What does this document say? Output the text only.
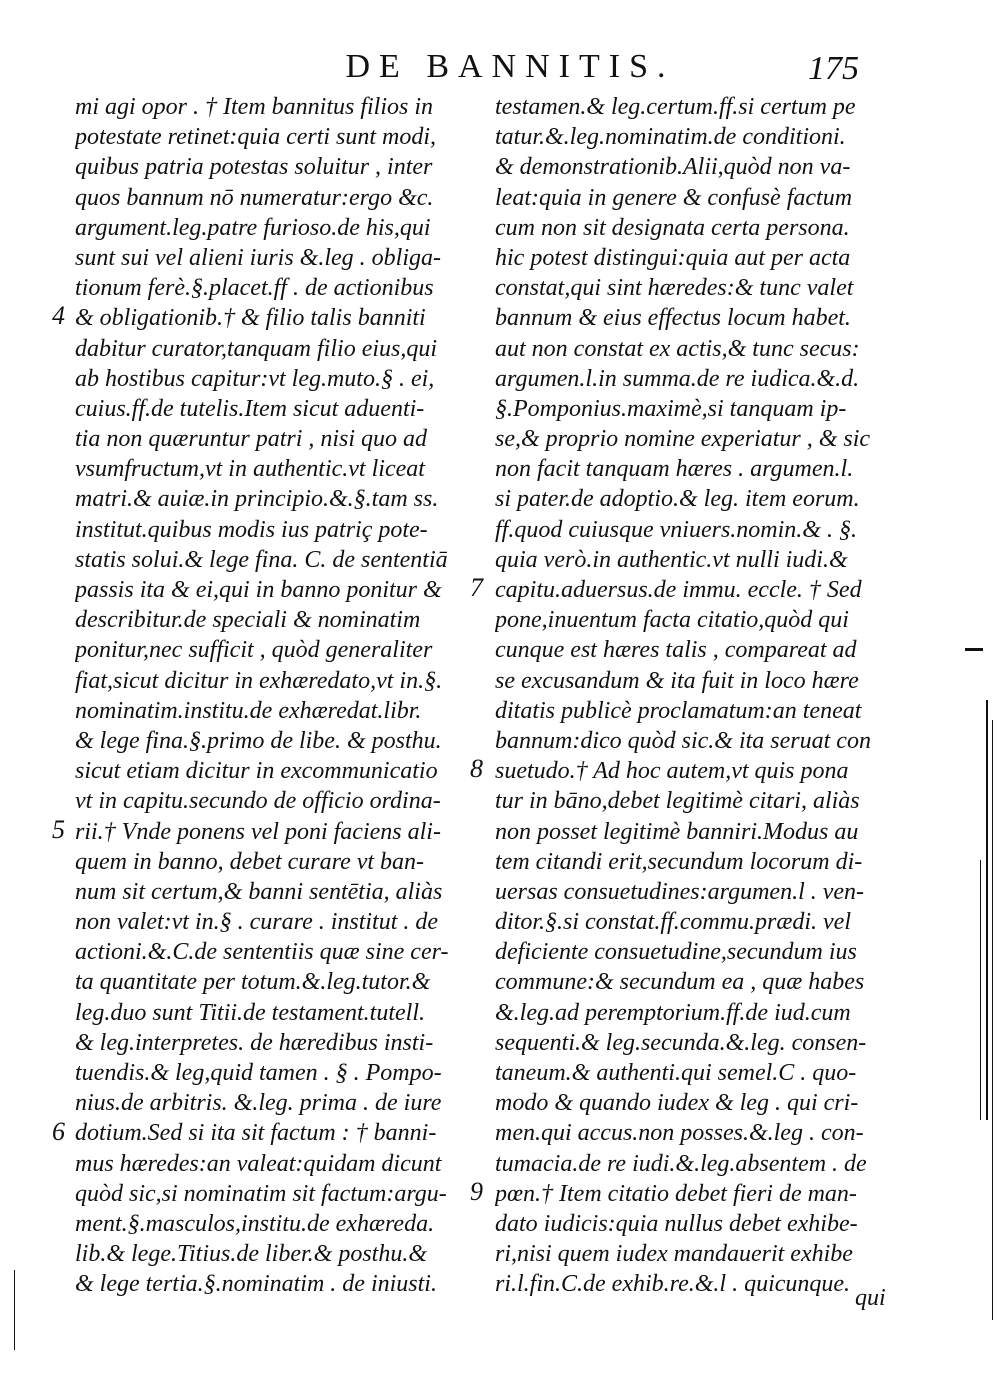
DE BANNITIS.	175
mi agi opor . † Item bannitus filios in
potestate retinet:quia certi sunt modi,
quibus patria potestas soluitur , inter
quos bannum nō numeratur:ergo &c.
argument.leg.patre furioso.de his,qui
sunt sui vel alieni iuris &.leg . obliga-
tionum ferè.§.placet.ff . de actionibus
& obligationib.† & filio talis banniti
dabitur curator,tanquam filio eius,qui
ab hostibus capitur:vt leg.muto.§ . ei,
cuius.ff.de tutelis.Item sicut aduenti-
tia non quæruntur patri , nisi quo ad
vsumfructum,vt in authentic.vt liceat
matri.& auiæ.in principio.&.§.tam ss.
institut.quibus modis ius patriç pote-
statis solui.& lege fina. C. de sententiā
passis ita & ei,qui in banno ponitur &
describitur.de speciali & nominatim
ponitur,nec sufficit , quòd generaliter
fiat,sicut dicitur in exhæredato,vt in.§.
nominatim.institu.de exhæredat.libr.
& lege fina.§.primo de libe. & posthu.
sicut etiam dicitur in excommunicatio
vt in capitu.secundo de officio ordina-
rii.† Vnde ponens vel poni faciens ali-
quem in banno, debet curare vt ban-
num sit certum,& banni sentētia, aliàs
non valet:vt in.§ . curare . institut . de
actioni.&.C.de sententiis quæ sine cer-
ta quantitate per totum.&.leg.tutor.&
leg.duo sunt Titii.de testament.tutell.
& leg.interpretes. de hæredibus insti-
tuendis.& leg,quid tamen . § . Pompo-
nius.de arbitris. &.leg. prima . de iure
dotium.Sed si ita sit factum : † banni-
mus hæredes:an valeat:quidam dicunt
quòd sic,si nominatim sit factum:argu-
ment.§.masculos,institu.de exhæreda.
lib.& lege.Titius.de liber.& posthu.&
& lege tertia.§.nominatim . de iniusti.
testamen.& leg.certum.ff.si certum pe
tatur.&.leg.nominatim.de conditioni.
& demonstrationib.Alii,quòd non va-
leat:quia in genere & confusè factum
cum non sit designata certa persona.
hic potest distingui:quia aut per acta
constat,qui sint hæredes:& tunc valet
bannum & eius effectus locum habet.
aut non constat ex actis,& tunc secus:
argumen.l.in summa.de re iudica.&.d.
§.Pomponius.maximè,si tanquam ip-
se,& proprio nomine experiatur , & sic
non facit tanquam hæres . argumen.l.
si pater.de adoptio.& leg. item eorum.
ff.quod cuiusque vniuers.nomin.& . §.
quia verò.in authentic.vt nulli iudi.&
capitu.aduersus.de immu. eccle. † Sed
pone,inuentum facta citatio,quòd qui
cunque est hæres talis , compareat ad
se excusandum & ita fuit in loco hære
ditatis publicè proclamatum:an teneat
bannum:dico quòd sic.& ita seruat con
suetudo.† Ad hoc autem,vt quis pona
tur in bāno,debet legitimè citari, aliàs
non posset legitimè banniri.Modus au
tem citandi erit,secundum locorum di-
uersas consuetudines:argumen.l . ven-
ditor.§.si constat.ff.commu.prædi. vel
deficiente consuetudine,secundum ius
commune:& secundum ea , quæ habes
&.leg.ad peremptorium.ff.de iud.cum
sequenti.& leg.secunda.&.leg. consen-
taneum.& authenti.qui semel.C . quo-
modo & quando iudex & leg . qui cri-
men.qui accus.non posses.&.leg . con-
tumacia.de re iudi.&.leg.absentem . de
pœn.† Item citatio debet fieri de man-
dato iudicis:quia nullus debet exhibe-
ri,nisi quem iudex mandauerit exhibe
ri.l.fin.C.de exhib.re.&.l . quicunque.
4
5
6
7
8
9
qui
